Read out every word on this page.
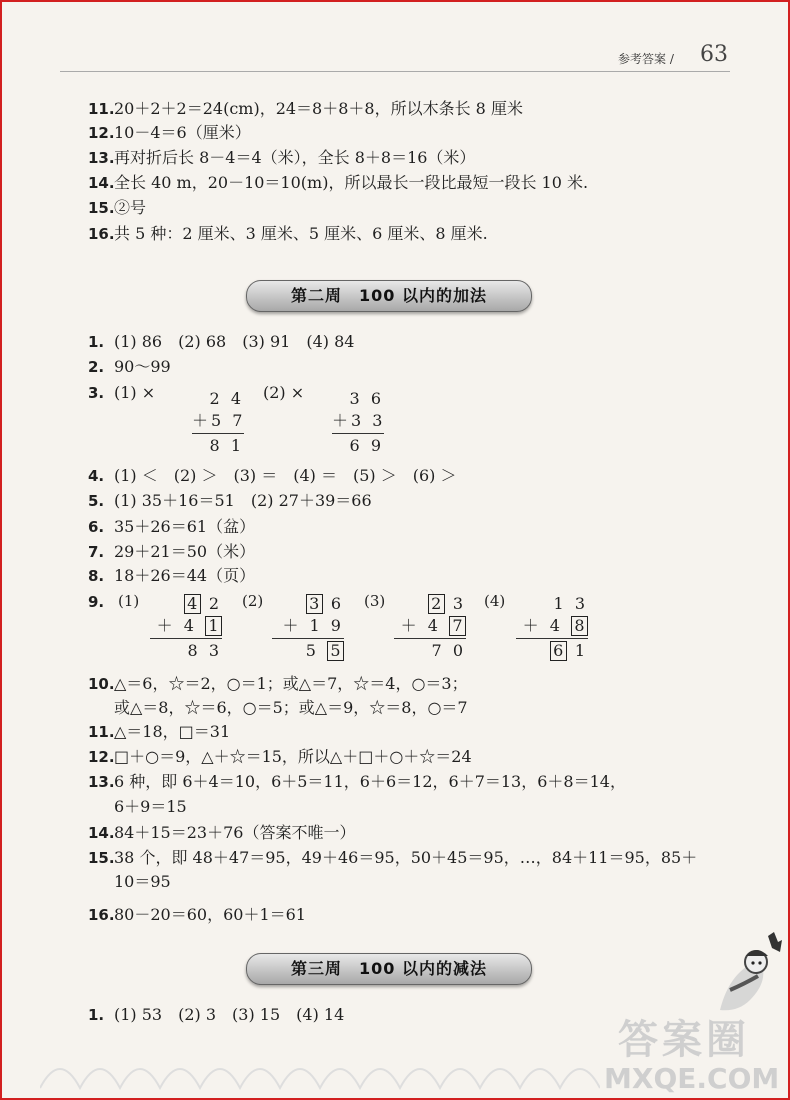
参考答案 / 63
11.20＋2＋2＝24(cm)，24＝8＋8＋8，所以木条长 8 厘米
12.10－4＝6（厘米）
13.再对折后长 8－4＝4（米），全长 8＋8＝16（米）
14.全长 40 m，20－10＝10(m)，所以最长一段比最短一段长 10 米.
15.②号
16.共 5 种：2 厘米、3 厘米、5 厘米、6 厘米、8 厘米.
第二周　100 以内的加法
1. (1) 86　(2) 68　(3) 91　(4) 84
2. 90～99
3. (1) ×	2 4
＋5 7
8 1
(2) ×	3 6
＋3 3
6 9
4. (1) ＜　(2) ＞　(3) ＝　(4) ＝　(5) ＞　(6) ＞
5. (1) 35＋16＝51　(2) 27＋39＝66
6. 35＋26＝61（盆）
7. 29＋21＝50（米）
8. 18＋26＝44（页）
9. (1)	(2)	(3)	(4)
4 2
＋ 4 1
8 3
3 6
＋ 1 9
5 5
2 3
＋ 4 7
7 0
1 3
＋ 4 8
6 1
10.△＝6，☆＝2，○＝1；或△＝7，☆＝4，○＝3；
或△＝8，☆＝6，○＝5；或△＝9，☆＝8，○＝7
11.△＝18，□＝31
12.□＋○＝9，△＋☆＝15，所以△＋□＋○＋☆＝24
13.6 种，即 6＋4＝10，6＋5＝11，6＋6＝12，6＋7＝13，6＋8＝14，
6＋9＝15
14.84＋15＝23＋76（答案不唯一）
15.38 个，即 48＋47＝95，49＋46＝95，50＋45＝95，…，84＋11＝95，85＋
10＝95
16.80－20＝60，60＋1＝61
第三周　100 以内的减法
1. (1) 53　(2) 3　(3) 15　(4) 14
答案圈
MXQE.COM
